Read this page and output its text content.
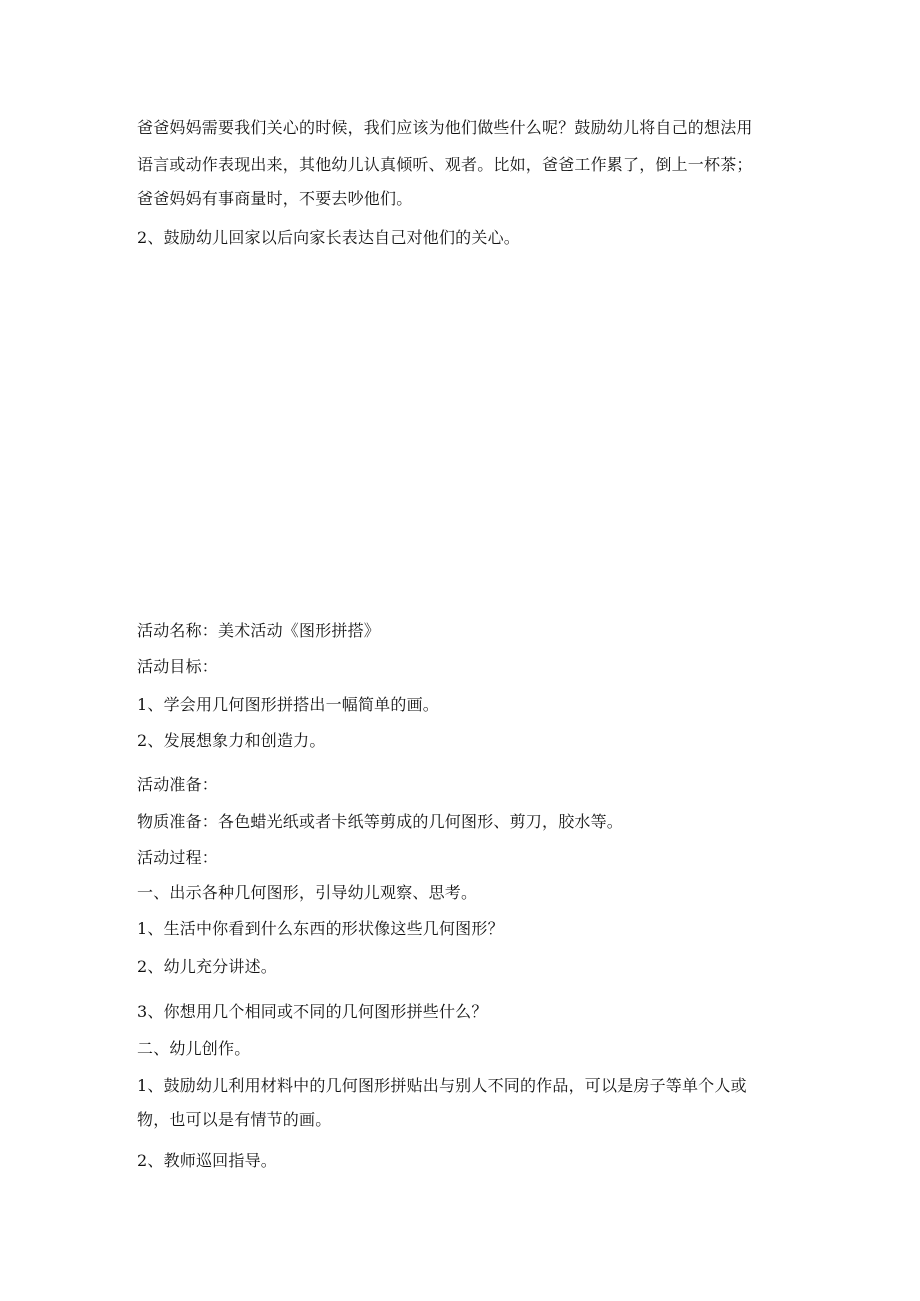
爸爸妈妈需要我们关心的时候，我们应该为他们做些什么呢？鼓励幼儿将自己的想法用
语言或动作表现出来，其他幼儿认真倾听、观者。比如，爸爸工作累了，倒上一杯茶；
爸爸妈妈有事商量时，不要去吵他们。
2、鼓励幼儿回家以后向家长表达自己对他们的关心。
活动名称：美术活动《图形拼搭》
活动目标：
1、学会用几何图形拼搭出一幅简单的画。
2、发展想象力和创造力。
活动准备：
物质准备：各色蜡光纸或者卡纸等剪成的几何图形、剪刀，胶水等。
活动过程：
一、出示各种几何图形，引导幼儿观察、思考。
1、生活中你看到什么东西的形状像这些几何图形？
2、幼儿充分讲述。
3、你想用几个相同或不同的几何图形拼些什么？
二、幼儿创作。
1、鼓励幼儿利用材料中的几何图形拼贴出与别人不同的作品，可以是房子等单个人或
物，也可以是有情节的画。
2、教师巡回指导。
